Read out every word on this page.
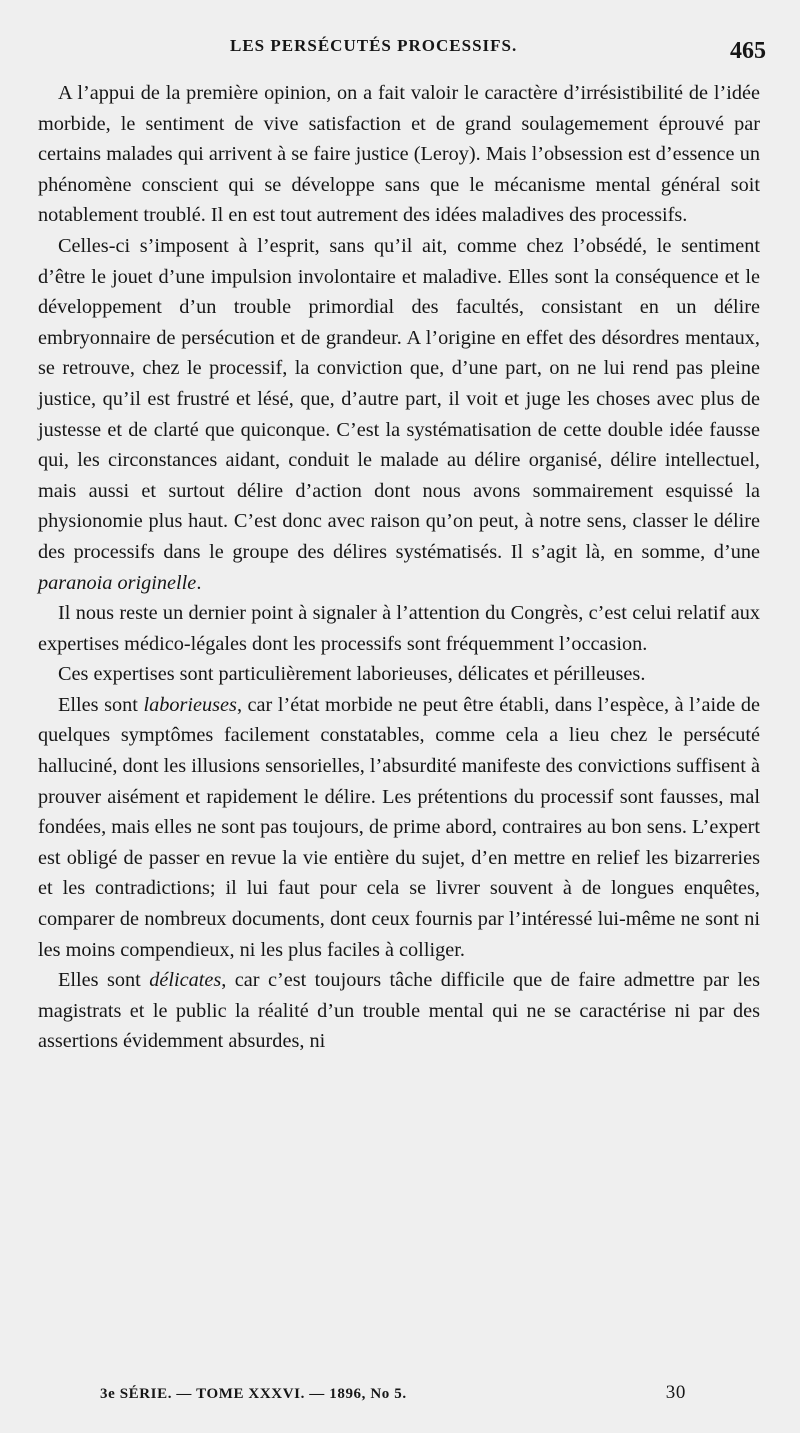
LES PERSÉCUTÉS PROCESSIFS.	465

A l’appui de la première opinion, on a fait valoir le caractère d’irrésistibilité de l’idée morbide, le sentiment de vive satisfaction et de grand soulagemement éprouvé par certains malades qui arrivent à se faire justice (Leroy). Mais l’obsession est d’essence un phénomène conscient qui se développe sans que le mécanisme mental général soit notablement troublé. Il en est tout autrement des idées maladives des processifs.

Celles-ci s’imposent à l’esprit, sans qu’il ait, comme chez l’obsédé, le sentiment d’être le jouet d’une impulsion involontaire et maladive. Elles sont la conséquence et le développement d’un trouble primordial des facultés, consistant en un délire embryonnaire de persécution et de grandeur. A l’origine en effet des désordres mentaux, se retrouve, chez le processif, la conviction que, d’une part, on ne lui rend pas pleine justice, qu’il est frustré et lésé, que, d’autre part, il voit et juge les choses avec plus de justesse et de clarté que quiconque. C’est la systématisation de cette double idée fausse qui, les circonstances aidant, conduit le malade au délire organisé, délire intellectuel, mais aussi et surtout délire d’action dont nous avons sommairement esquissé la physionomie plus haut. C’est donc avec raison qu’on peut, à notre sens, classer le délire des processifs dans le groupe des délires systématisés. Il s’agit là, en somme, d’une paranoia originelle.

Il nous reste un dernier point à signaler à l’attention du Congrès, c’est celui relatif aux expertises médico-légales dont les processifs sont fréquemment l’occasion.

Ces expertises sont particulièrement laborieuses, délicates et périlleuses.

Elles sont laborieuses, car l’état morbide ne peut être établi, dans l’espèce, à l’aide de quelques symptômes facilement constatables, comme cela a lieu chez le persécuté halluciné, dont les illusions sensorielles, l’absurdité manifeste des convictions suffisent à prouver aisément et rapidement le délire. Les prétentions du processif sont fausses, mal fondées, mais elles ne sont pas toujours, de prime abord, contraires au bon sens. L’expert est obligé de passer en revue la vie entière du sujet, d’en mettre en relief les bizarreries et les contradictions; il lui faut pour cela se livrer souvent à de longues enquêtes, comparer de nombreux documents, dont ceux fournis par l’intéressé lui-même ne sont ni les moins compendieux, ni les plus faciles à colliger.

Elles sont délicates, car c’est toujours tâche difficile que de faire admettre par les magistrats et le public la réalité d’un trouble mental qui ne se caractérise ni par des assertions évidemment absurdes, ni

3e SÉRIE. — TOME XXXVI. — 1896, No 5.	30
